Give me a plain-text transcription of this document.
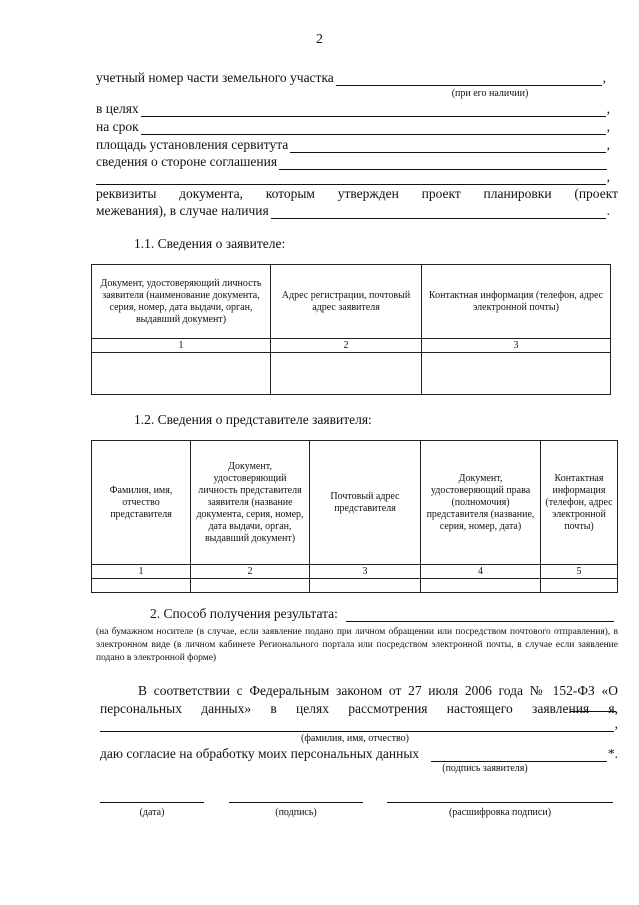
2
учетный номер части земельного участка	,
(при его наличии)
в целях	,
на срок	,
площадь установления сервитута	,
сведения о стороне соглашения
,
реквизиты документа, которым утвержден проект планировки (проект
межевания), в случае наличия	.
1.1. Сведения о заявителе:
Документ, удостоверяющий личность заявителя (наименование документа, серия, номер, дата выдачи, орган, выдавший документ)	Адрес регистрации, почтовый адрес заявителя	Контактная информация (телефон, адрес электронной почты)
1	2	3

1.2. Сведения о представителе заявителя:
Фамилия, имя, отчество представителя	Документ, удостоверяющий личность представителя заявителя (название документа, серия, номер, дата выдачи, орган, выдавший документ)	Почтовый адрес представителя	Документ, удостоверяющий права (полномочия) представителя (название, серия, номер, дата)	Контактная информация (телефон, адрес электронной почты)
1	2	3	4	5

2. Способ получения результата:
(на бумажном носителе (в случае, если заявление подано при личном обращении или посредством почтового отправления), в электронном виде (в личном кабинете Регионального портала или посредством электронной почты, в случае если заявление подано в электронной форме)
В соответствии с Федеральным законом от 27 июля 2006 года № 152-ФЗ «О персональных данных» в целях рассмотрения настоящего заявления я,
,
(фамилия, имя, отчество)
даю согласие на обработку моих персональных данных	*.
(подпись заявителя)
(дата)	(подпись)	(расшифровка подписи)
